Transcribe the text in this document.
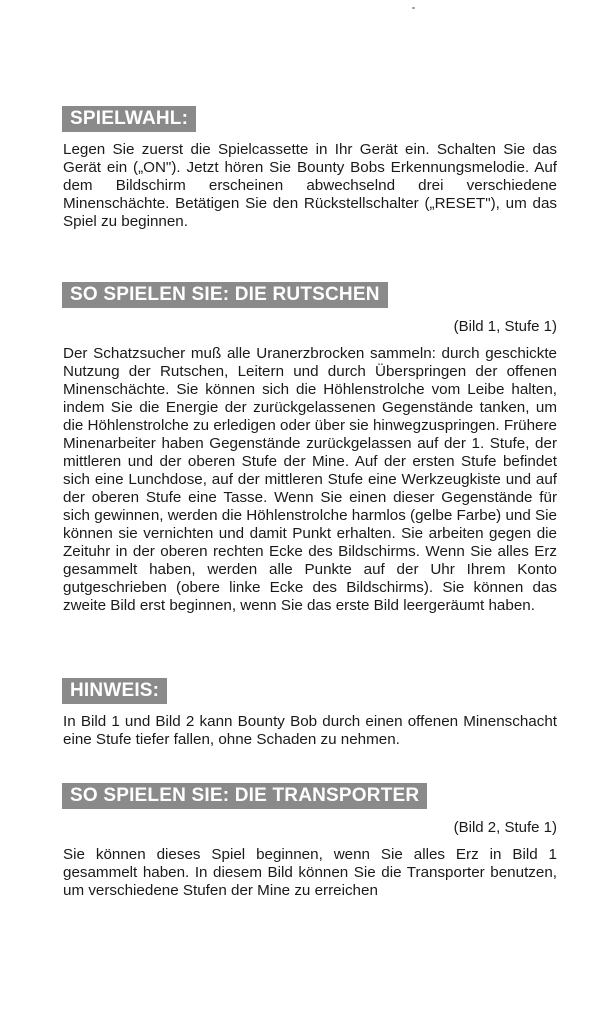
SPIELWAHL:

Legen Sie zuerst die Spielcassette in Ihr Gerät ein. Schalten Sie das Gerät ein („ON"). Jetzt hören Sie Bounty Bobs Erkennungsmelodie. Auf dem Bildschirm erscheinen abwechselnd drei verschiedene Minenschächte. Betätigen Sie den Rückstellschalter („RESET"), um das Spiel zu beginnen.

SO SPIELEN SIE: DIE RUTSCHEN
(Bild 1, Stufe 1)

Der Schatzsucher muß alle Uranerzbrocken sammeln: durch geschickte Nutzung der Rutschen, Leitern und durch Überspringen der offenen Minenschächte. Sie können sich die Höhlenstrolche vom Leibe halten, indem Sie die Energie der zurückgelassenen Gegenstände tanken, um die Höhlenstrolche zu erledigen oder über sie hinwegzuspringen. Frühere Minenarbeiter haben Gegenstände zurückgelassen auf der 1. Stufe, der mittleren und der oberen Stufe der Mine. Auf der ersten Stufe befindet sich eine Lunchdose, auf der mittleren Stufe eine Werkzeugkiste und auf der oberen Stufe eine Tasse. Wenn Sie einen dieser Gegenstände für sich gewinnen, werden die Höhlenstrolche harmlos (gelbe Farbe) und Sie können sie vernichten und damit Punkt erhalten. Sie arbeiten gegen die Zeituhr in der oberen rechten Ecke des Bildschirms. Wenn Sie alles Erz gesammelt haben, werden alle Punkte auf der Uhr Ihrem Konto gutgeschrieben (obere linke Ecke des Bildschirms). Sie können das zweite Bild erst beginnen, wenn Sie das erste Bild leergeräumt haben.

HINWEIS:

In Bild 1 und Bild 2 kann Bounty Bob durch einen offenen Minenschacht eine Stufe tiefer fallen, ohne Schaden zu nehmen.

SO SPIELEN SIE: DIE TRANSPORTER
(Bild 2, Stufe 1)

Sie können dieses Spiel beginnen, wenn Sie alles Erz in Bild 1 gesammelt haben. In diesem Bild können Sie die Transporter benutzen, um verschiedene Stufen der Mine zu erreichen
